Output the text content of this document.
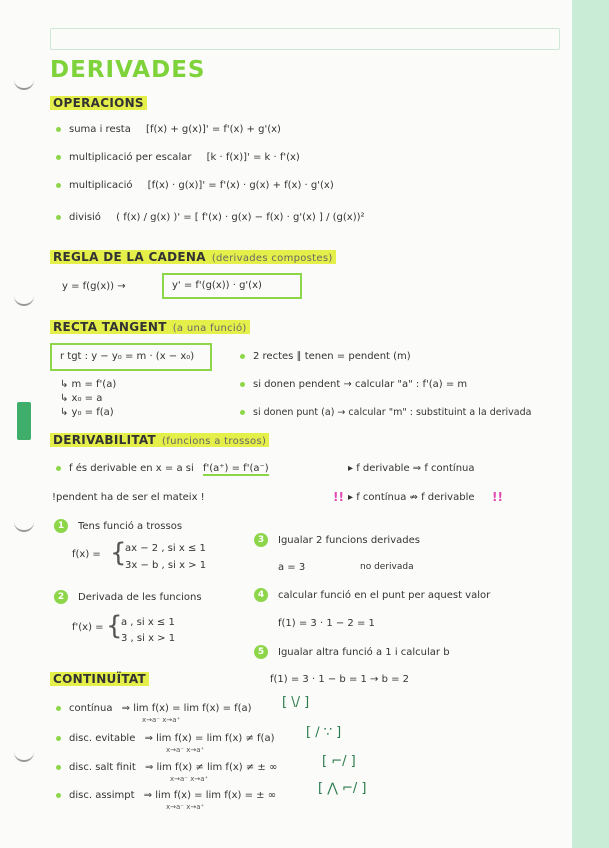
DERIVADES
OPERACIONS
suma i resta [f(x) + g(x)]' = f'(x) + g'(x)
multiplicació per escalar [k · f(x)]' = k · f'(x)
multiplicació [f(x) · g(x)]' = f'(x) · g(x) + f(x) · g'(x)
divisió ( f(x) / g(x) )' = [ f'(x) · g(x) − f(x) · g'(x) ] / (g(x))²
REGLA DE LA CADENA (derivades compostes)
y = f(g(x)) →	y' = f'(g(x)) · g'(x)
RECTA TANGENT (a una funció)
r tgt : y − y₀ = m · (x − x₀)
↳ m = f'(a)
↳ x₀ = a
↳ y₀ = f(a)
2 rectes ∥ tenen = pendent (m)
si donen pendent → calcular "a" : f'(a) = m
si donen punt (a) → calcular "m" : substituint a la derivada
DERIVABILITAT (funcions a trossos)
f és derivable en x = a si f'(a⁺) = f'(a⁻)	▸ f derivable ⇒ f contínua
!pendent ha de ser el mateix !	!! ▸ f contínua ⇏ f derivable !!
1	Tens funció a trossos
f(x) = {
ax − 2 , si x ≤ 1
3x − b , si x > 1
2	Derivada de les funcions
f'(x) = {
a , si x ≤ 1
3 , si x > 1
3	Igualar 2 funcions derivades
a = 3	no derivada
4	calcular funció en el punt per aquest valor
f(1) = 3 · 1 − 2 = 1
5	Igualar altra funció a 1 i calcular b
f(1) = 3 · 1 − b = 1 → b = 2
CONTINUÏTAT
contínua ⇒ lim f(x) = lim f(x) = f(a)
x→a⁻ x→a⁺
[ \/ ]
disc. evitable ⇒ lim f(x) = lim f(x) ≠ f(a)
x→a⁻ x→a⁺
[ ∕ ∵ ]
disc. salt finit ⇒ lim f(x) ≠ lim f(x) ≠ ± ∞
x→a⁻ x→a⁺
[ ⌐/ ]
disc. assimpt ⇒ lim f(x) = lim f(x) = ± ∞
x→a⁻ x→a⁺
[ ⋀ ⌐/ ]
